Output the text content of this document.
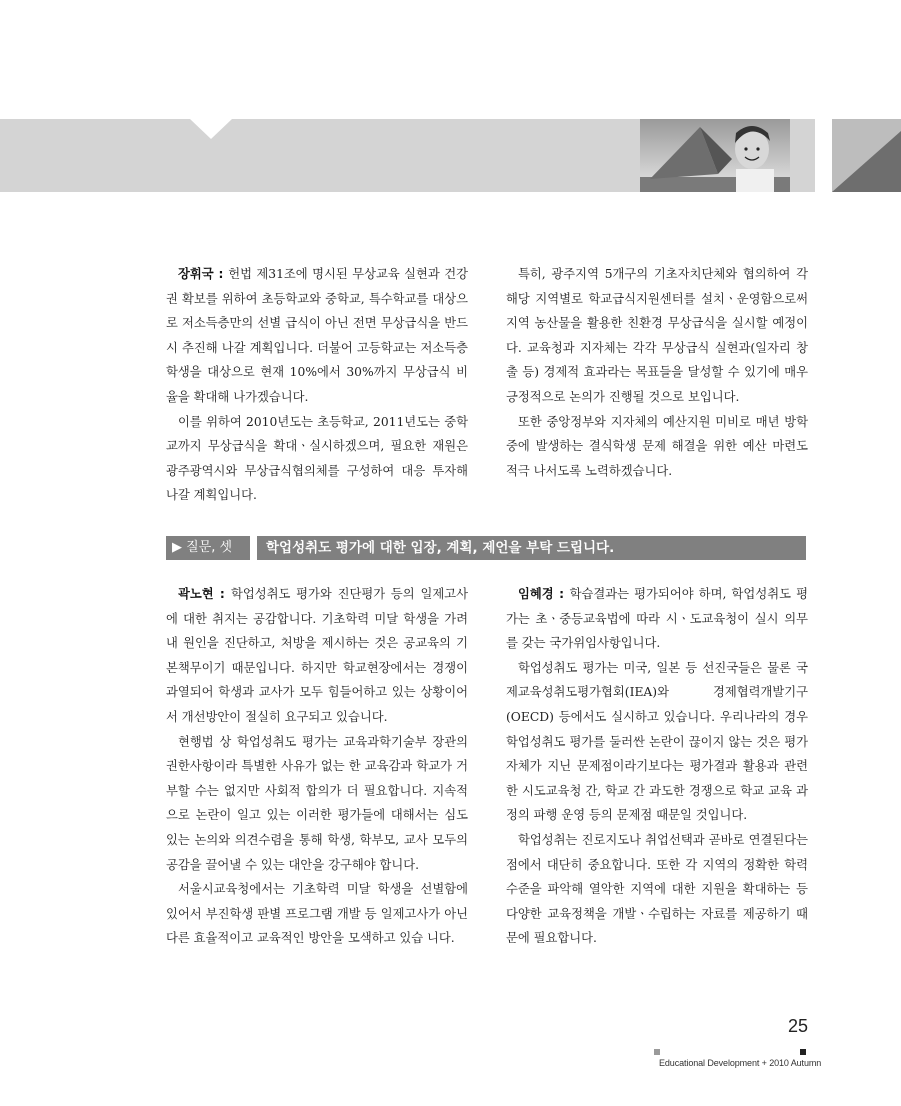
장휘국 : 헌법 제31조에 명시된 무상교육 실현과 건강권 확보를 위하여 초등학교와 중학교, 특수학교를 대상으로 저소득층만의 선별 급식이 아닌 전면 무상급식을 반드시 추진해 나갈 계획입니다. 더불어 고등학교는 저소득층 학생을 대상으로 현재 10%에서 30%까지 무상급식 비율을 확대해 나가겠습니다.

이를 위하여 2010년도는 초등학교, 2011년도는 중학교까지 무상급식을 확대ㆍ실시하겠으며, 필요한 재원은 광주광역시와 무상급식협의체를 구성하여 대응 투자해 나갈 계획입니다.

특히, 광주지역 5개구의 기초자치단체와 협의하여 각 해당 지역별로 학교급식지원센터를 설치ㆍ운영함으로써 지역 농산물을 활용한 친환경 무상급식을 실시할 예정이다. 교육청과 지자체는 각각 무상급식 실현과(일자리 창출 등) 경제적 효과라는 목표들을 달성할 수 있기에 매우 긍정적으로 논의가 진행될 것으로 보입니다.

또한 중앙정부와 지자체의 예산지원 미비로 매년 방학중에 발생하는 결식학생 문제 해결을 위한 예산 마련도 적극 나서도록 노력하겠습니다.

▶ 질문, 셋	학업성취도 평가에 대한 입장, 계획, 제언을 부탁 드립니다.

곽노현 : 학업성취도 평가와 진단평가 등의 일제고사에 대한 취지는 공감합니다. 기초학력 미달 학생을 가려내 원인을 진단하고, 처방을 제시하는 것은 공교육의 기본책무이기 때문입니다. 하지만 학교현장에서는 경쟁이 과열되어 학생과 교사가 모두 힘들어하고 있는 상황이어서 개선방안이 절실히 요구되고 있습니다.

현행법 상 학업성취도 평가는 교육과학기술부 장관의 권한사항이라 특별한 사유가 없는 한 교육감과 학교가 거부할 수는 없지만 사회적 합의가 더 필요합니다. 지속적으로 논란이 일고 있는 이러한 평가들에 대해서는 심도 있는 논의와 의견수렴을 통해 학생, 학부모, 교사 모두의 공감을 끌어낼 수 있는 대안을 강구해야 합니다.

서울시교육청에서는 기초학력 미달 학생을 선별함에 있어서 부진학생 판별 프로그램 개발 등 일제고사가 아닌 다른 효율적이고 교육적인 방안을 모색하고 있습 니다.

임혜경 : 학습결과는 평가되어야 하며, 학업성취도 평가는 초ㆍ중등교육법에 따라 시ㆍ도교육청이 실시 의무를 갖는 국가위임사항입니다.

학업성취도 평가는 미국, 일본 등 선진국들은 물론 국제교육성취도평가협회(IEA)와 경제협력개발기구(OECD) 등에서도 실시하고 있습니다. 우리나라의 경우 학업성취도 평가를 둘러싼 논란이 끊이지 않는 것은 평가 자체가 지닌 문제점이라기보다는 평가결과 활용과 관련한 시도교육청 간, 학교 간 과도한 경쟁으로 학교 교육 과정의 파행 운영 등의 문제점 때문일 것입니다.

학업성취는 진로지도나 취업선택과 곧바로 연결된다는 점에서 대단히 중요합니다. 또한 각 지역의 정확한 학력수준을 파악해 열악한 지역에 대한 지원을 확대하는 등 다양한 교육정책을 개발ㆍ수립하는 자료를 제공하기 때문에 필요합니다.

25
Educational Development + 2010 Autumn
